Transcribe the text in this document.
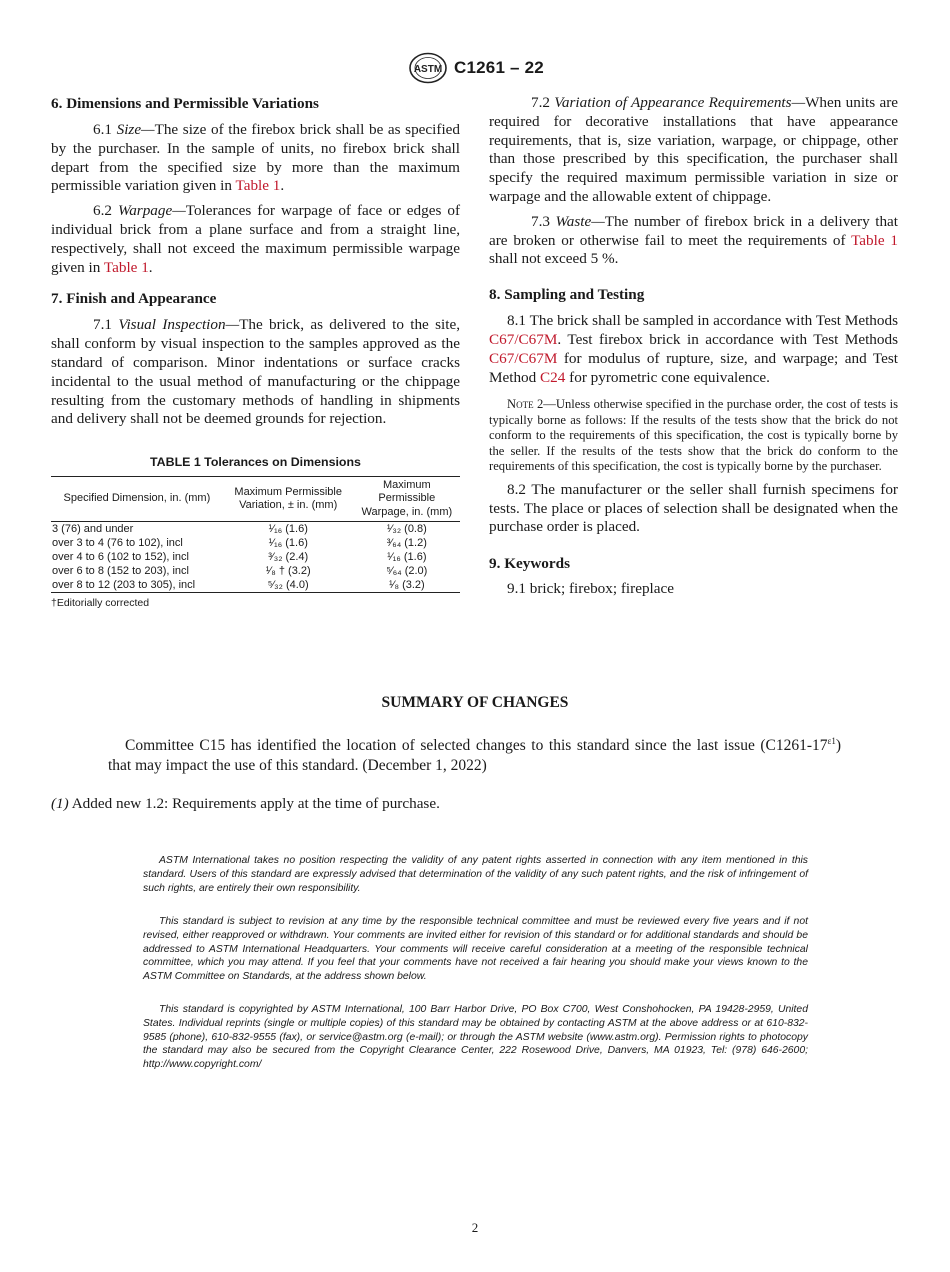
ASTM C1261 – 22
6. Dimensions and Permissible Variations

6.1 Size—The size of the firebox brick shall be as specified by the purchaser. In the sample of units, no firebox brick shall depart from the specified size by more than the maximum permissible variation given in Table 1.

6.2 Warpage—Tolerances for warpage of face or edges of individual brick from a plane surface and from a straight line, respectively, shall not exceed the maximum permissible warpage given in Table 1.

7. Finish and Appearance

7.1 Visual Inspection—The brick, as delivered to the site, shall conform by visual inspection to the samples approved as the standard of comparison. Minor indentations or surface cracks incidental to the usual method of manufacturing or the chippage resulting from the customary methods of handling in shipments and delivery shall not be deemed grounds for rejection.

TABLE 1 Tolerances on Dimensions
Specified Dimension, in. (mm)	Maximum Permissible Variation, ± in. (mm)	Maximum Permissible Warpage, in. (mm)
3 (76) and under	¹⁄₁₆ (1.6)	¹⁄₃₂ (0.8)
over 3 to 4 (76 to 102), incl	¹⁄₁₆ (1.6)	³⁄₆₄ (1.2)
over 4 to 6 (102 to 152), incl	³⁄₃₂ (2.4)	¹⁄₁₆ (1.6)
over 6 to 8 (152 to 203), incl	¹⁄₈ † (3.2)	⁵⁄₆₄ (2.0)
over 8 to 12 (203 to 305), incl	⁵⁄₃₂ (4.0)	¹⁄₈ (3.2)
†Editorially corrected

7.2 Variation of Appearance Requirements—When units are required for decorative installations that have appearance requirements, that is, size variation, warpage, or chippage, other than those prescribed by this specification, the purchaser shall specify the required maximum permissible variation in size or warpage and the allowable extent of chippage.

7.3 Waste—The number of firebox brick in a delivery that are broken or otherwise fail to meet the requirements of Table 1 shall not exceed 5 %.

8. Sampling and Testing

8.1 The brick shall be sampled in accordance with Test Methods C67/C67M. Test firebox brick in accordance with Test Methods C67/C67M for modulus of rupture, size, and warpage; and Test Method C24 for pyrometric cone equivalence.

Note 2—Unless otherwise specified in the purchase order, the cost of tests is typically borne as follows: If the results of the tests show that the brick do not conform to the requirements of this specification, the cost is typically borne by the seller. If the results of the tests show that the brick do conform to the requirements of this specification, the cost is typically borne by the purchaser.

8.2 The manufacturer or the seller shall furnish specimens for tests. The place or places of selection shall be designated when the purchase order is placed.

9. Keywords

9.1 brick; firebox; fireplace

SUMMARY OF CHANGES
Committee C15 has identified the location of selected changes to this standard since the last issue $(C1261-17^{\varepsilon 1})$ that may impact the use of this standard. (December 1, 2022)
(1) Added new 1.2: Requirements apply at the time of purchase.
ASTM International takes no position respecting the validity of any patent rights asserted in connection with any item mentioned in this standard. Users of this standard are expressly advised that determination of the validity of any such patent rights, and the risk of infringement of such rights, are entirely their own responsibility.
This standard is subject to revision at any time by the responsible technical committee and must be reviewed every five years and if not revised, either reapproved or withdrawn. Your comments are invited either for revision of this standard or for additional standards and should be addressed to ASTM International Headquarters. Your comments will receive careful consideration at a meeting of the responsible technical committee, which you may attend. If you feel that your comments have not received a fair hearing you should make your views known to the ASTM Committee on Standards, at the address shown below.
This standard is copyrighted by ASTM International, 100 Barr Harbor Drive, PO Box C700, West Conshohocken, PA 19428-2959, United States. Individual reprints (single or multiple copies) of this standard may be obtained by contacting ASTM at the above address or at 610-832-9585 (phone), 610-832-9555 (fax), or service@astm.org (e-mail); or through the ASTM website (www.astm.org). Permission rights to photocopy the standard may also be secured from the Copyright Clearance Center, 222 Rosewood Drive, Danvers, MA 01923, Tel: (978) 646-2600; http://www.copyright.com/
2
